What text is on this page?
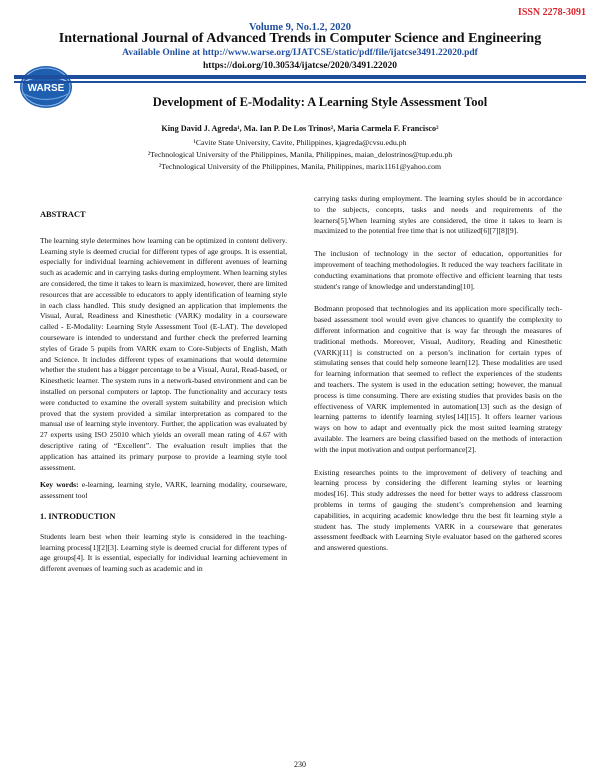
ISSN 2278-3091
Volume 9, No.1.2, 2020
International Journal of Advanced Trends in Computer Science and Engineering
Available Online at http://www.warse.org/IJATCSE/static/pdf/file/ijatcse3491.22020.pdf
https://doi.org/10.30534/ijatcse/2020/3491.22020
WARSE
Development of E-Modality: A Learning Style Assessment Tool
King David J. Agreda¹, Ma. Ian P. De Los Trinos², Maria Carmela F. Francisco²
¹Cavite State University, Cavite, Philippines, kjagreda@cvsu.edu.ph
²Technological University of the Philippines, Manila, Philippines, maian_delostrinos@tup.edu.ph
²Technological University of the Philippines, Manila, Philippines, marix1161@yahoo.com
ABSTRACT

The learning style determines how learning can be optimized in content delivery. Learning style is deemed crucial for different types of age groups. It is essential, especially for individual learning achievement in different avenues of learning such as academic and in carrying tasks during employment. When learning styles are considered, the time it takes to learn is maximized, however, there are limited resources that are accessible to educators to apply identification of learning style in each class handled. This study designed an application that implements the Visual, Aural, Readiness and Kinesthetic (VARK) modality in a courseware called - E-Modality: Learning Style Assessment Tool (E-LAT). The developed courseware is intended to understand and further check the preferred learning styles of Grade 5 pupils from VARK exam to Core-Subjects of English, Math and Science. It includes different types of examinations that would determine whether the student has a bigger percentage to be a Visual, Aural, Read-based, or Kinesthetic learner. The system runs in a network-based environment and can be installed on personal computers or laptop. The functionality and accuracy tests were conducted to examine the overall system suitability and precision which proved that the system provided a similar interpretation as compared to the manual use of learning style inventory. Further, the application was evaluated by 27 experts using ISO 25010 which yields an overall mean rating of 4.67 with descriptive rating of “Excellent”. The evaluation result implies that the application has attained its primary purpose to provide a learning style tool assessment.

Key words: e-learning, learning style, VARK, learning modality, courseware, assessment tool

1. INTRODUCTION

Students learn best when their learning style is considered in the teaching-learning process[1][2][3]. Learning style is deemed crucial for different types of age groups[4]. It is essential, especially for individual learning achievement in different avenues of learning such as academic and in

carrying tasks during employment. The learning styles should be in accordance to the subjects, concepts, tasks and needs and requirements of the learners[5].When learning styles are considered, the time it takes to learn is maximized to the potential free time that is not utilized[6][7][8][9].

The inclusion of technology in the sector of education, opportunities for improvement of teaching methodologies. It reduced the way teachers facilitate in conducting examinations that promote effective and efficient learning that tests student's range of knowledge and understanding[10].

Bodmann proposed that technologies and its application more specifically tech-based assessment tool would even give chances to quantify the complexity to different information and cognitive that is way far through the measures of traditional methods. Moreover, Visual, Auditory, Reading and Kinesthetic (VARK)[11] is constructed on a person’s inclination for certain types of stimulating senses that could help someone learn[12]. These modalities are used for learning information that seemed to reflect the experiences of the students and teachers. The system is used in the education setting; however, the manual process is time consuming. There are existing studies that provides basis on the effectiveness of VARK implemented in automation[13] such as the design of learning patterns to identify learning styles[14][15]. It offers learner various ways on how to adapt and eventually pick the most suited learning strategy available. The learners are being classified based on the methods of interaction with the input motivation and output performance[2].

Existing researches points to the improvement of delivery of teaching and learning process by considering the different learning styles or learning modes[16]. This study addresses the need for better ways to address classroom problems in terms of gauging the student’s comprehension and learning capabilities, in acquiring academic knowledge thru the best fit learning style a student has. The study implements VARK in a courseware that generates assessment feedback with Learning Style evaluator based on the gathered scores and answered questions.

230
